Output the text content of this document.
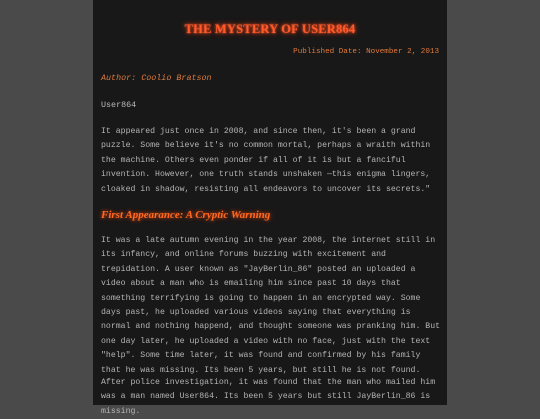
THE MYSTERY OF USER864
Published Date: November 2, 2013
Author: Coolio Bratson
User864

It appeared just once in 2008, and since then, it's been a grand puzzle. Some believe it's no common mortal, perhaps a wraith within the machine. Others even ponder if all of it is but a fanciful invention. However, one truth stands unshaken —this enigma lingers, cloaked in shadow, resisting all endeavors to uncover its secrets."

First Appearance: A Cryptic Warning

It was a late autumn evening in the year 2008, the internet still in its infancy, and online forums buzzing with excitement and trepidation. A user known as "JayBerlin_86" posted an uploaded a video about a man who is emailing him since past 10 days that something terrifying is going to happen in an encrypted way. Some days past, he uploaded various videos saying that everything is normal and nothing happend, and thought someone was pranking him. But one day later, he uploaded a video with no face, just with the text "help". Some time later, it was found and confirmed by his family that he was missing. Its been 5 years, but still he is not found.

After police investigation, it was found that the man who mailed him was a man named User864. Its been 5 years but still JayBerlin_86 is missing.
